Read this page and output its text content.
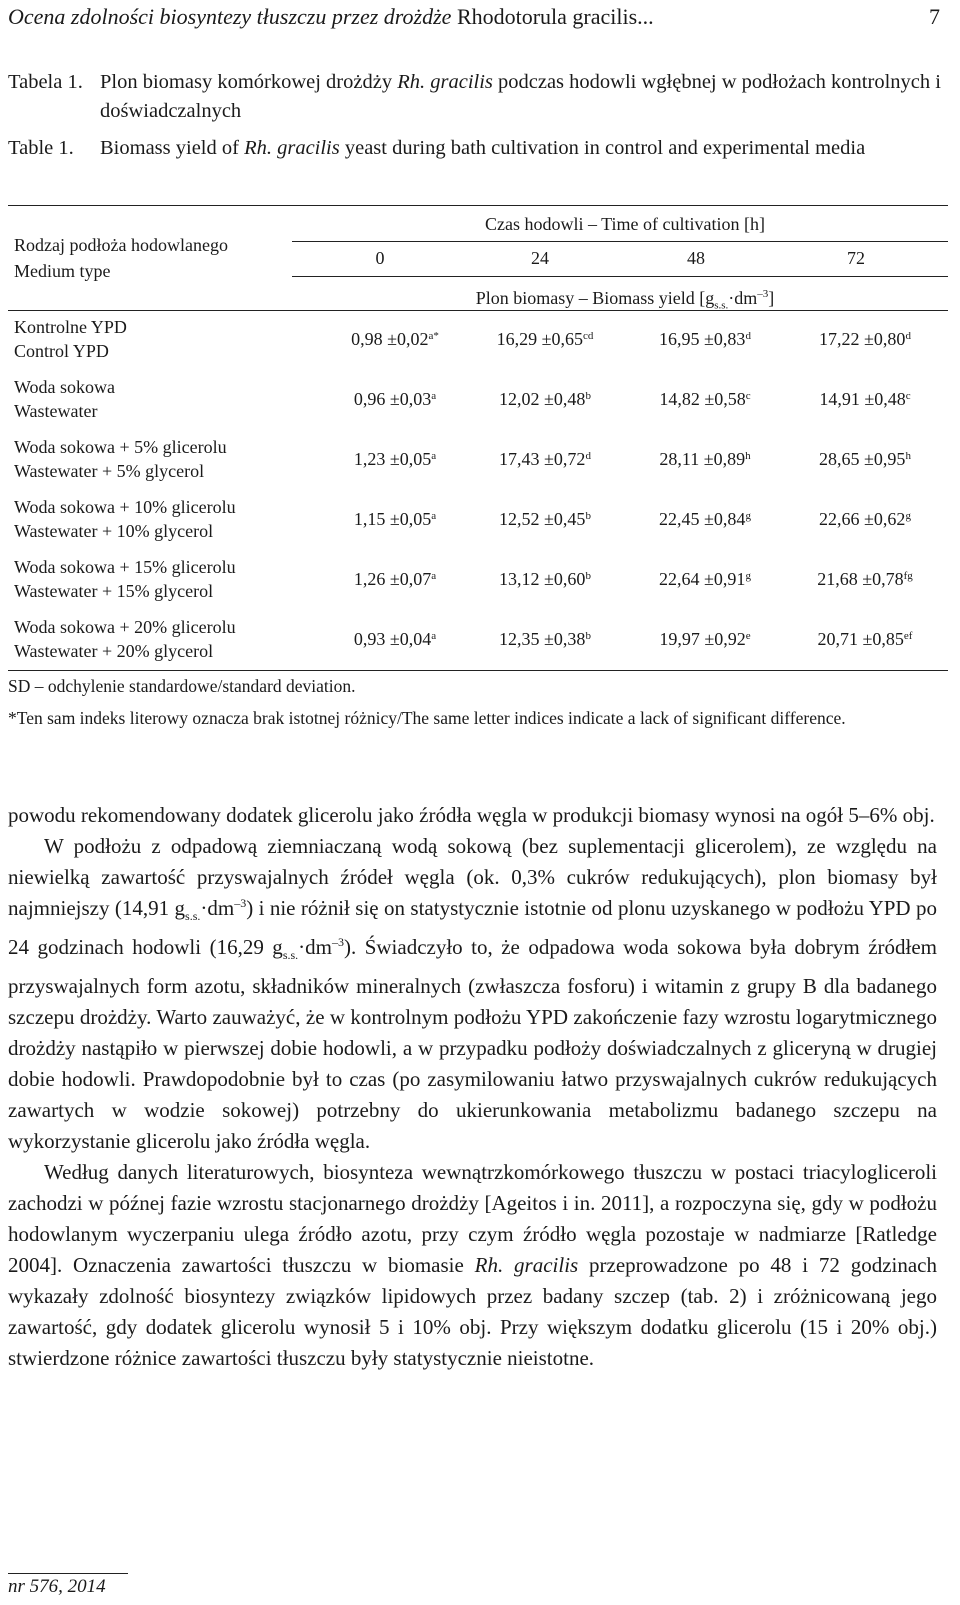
Ocena zdolności biosyntezy tłuszczu przez drożdże Rhodotorula gracilis...	7
Tabela 1. Plon biomasy komórkowej drożdży Rh. gracilis podczas hodowli wgłębnej w podłożach kontrolnych i doświadczalnych
Table 1. Biomass yield of Rh. gracilis yeast during bath cultivation in control and experimental media
Rodzaj podłoża hodowlanego
Medium type
Czas hodowli – Time of cultivation [h]
0	24	48	72
Plon biomasy – Biomass yield $[g_{s.s.}\cdot dm^{-3}]$
Kontrolne YPD
Control YPD
$0,98 \pm 0,02^{a*}$	16,29 ±0,65$^{cd}$	16,95 ±0,83$^d$	17,22 ±0,80$^d$
Woda sokowa
Wastewater
0,96 ±0,03$^a$	12,02 ±0,48$^b$	14,82 ±0,58$^c$	14,91 ±0,48$^c$
Woda sokowa + 5% glicerolu
Wastewater + 5% glycerol
1,23 ±0,05$^a$	17,43 ±0,72$^d$	28,11 ±0,89$^h$	28,65 ±0,95$^h$
Woda sokowa + 10% glicerolu
Wastewater + 10% glycerol
1,15 ±0,05$^a$	12,52 ±0,45$^b$	22,45 ±0,84$^g$	22,66 ±0,62$^g$
Woda sokowa + 15% glicerolu
Wastewater + 15% glycerol
1,26 ±0,07$^a$	13,12 ±0,60$^b$	22,64 ±0,91$^g$	21,68 ±0,78$^{fg}$
Woda sokowa + 20% glicerolu
Wastewater + 20% glycerol
0,93 ±0,04$^a$	12,35 ±0,38$^b$	19,97 ±0,92$^e$	20,71 ±0,85$^{ef}$
SD – odchylenie standardowe/standard deviation.
*Ten sam indeks literowy oznacza brak istotnej różnicy/The same letter indices indicate a lack of significant difference.

powodu rekomendowany dodatek glicerolu jako źródła węgla w produkcji biomasy wynosi na ogół 5–6% obj.

W podłożu z odpadową ziemniaczaną wodą sokową (bez suplementacji glicerolem), ze względu na niewielką zawartość przyswajalnych źródeł węgla (ok. 0,3% cukrów redukujących), plon biomasy był najmniejszy (14,91 $g_{s.s.}\cdot dm^{-3}$) i nie różnił się on statystycznie istotnie od plonu uzyskanego w podłożu YPD po 24 godzinach hodowli (16,29 $g_{s.s.}\cdot dm^{-3}$). Świadczyło to, że odpadowa woda sokowa była dobrym źródłem przyswajalnych form azotu, składników mineralnych (zwłaszcza fosforu) i witamin z grupy B dla badanego szczepu drożdży. Warto zauważyć, że w kontrolnym podłożu YPD zakończenie fazy wzrostu logarytmicznego drożdży nastąpiło w pierwszej dobie hodowli, a w przypadku podłoży doświadczalnych z gliceryną w drugiej dobie hodowli. Prawdopodobnie był to czas (po zasymilowaniu łatwo przyswajalnych cukrów redukujących zawartych w wodzie sokowej) potrzebny do ukierunkowania metabolizmu badanego szczepu na wykorzystanie glicerolu jako źródła węgla.

Według danych literaturowych, biosynteza wewnątrzkomórkowego tłuszczu w postaci triacylogliceroli zachodzi w późnej fazie wzrostu stacjonarnego drożdży [Ageitos i in. 2011], a rozpoczyna się, gdy w podłożu hodowlanym wyczerpaniu ulega źródło azotu, przy czym źródło węgla pozostaje w nadmiarze [Ratledge 2004]. Oznaczenia zawartości tłuszczu w biomasie Rh. gracilis przeprowadzone po 48 i 72 godzinach wykazały zdolność biosyntezy związków lipidowych przez badany szczep (tab. 2) i zróżnicowaną jego zawartość, gdy dodatek glicerolu wynosił 5 i 10% obj. Przy większym dodatku glicerolu (15 i 20% obj.) stwierdzone różnice zawartości tłuszczu były statystycznie nieistotne.

nr 576, 2014
